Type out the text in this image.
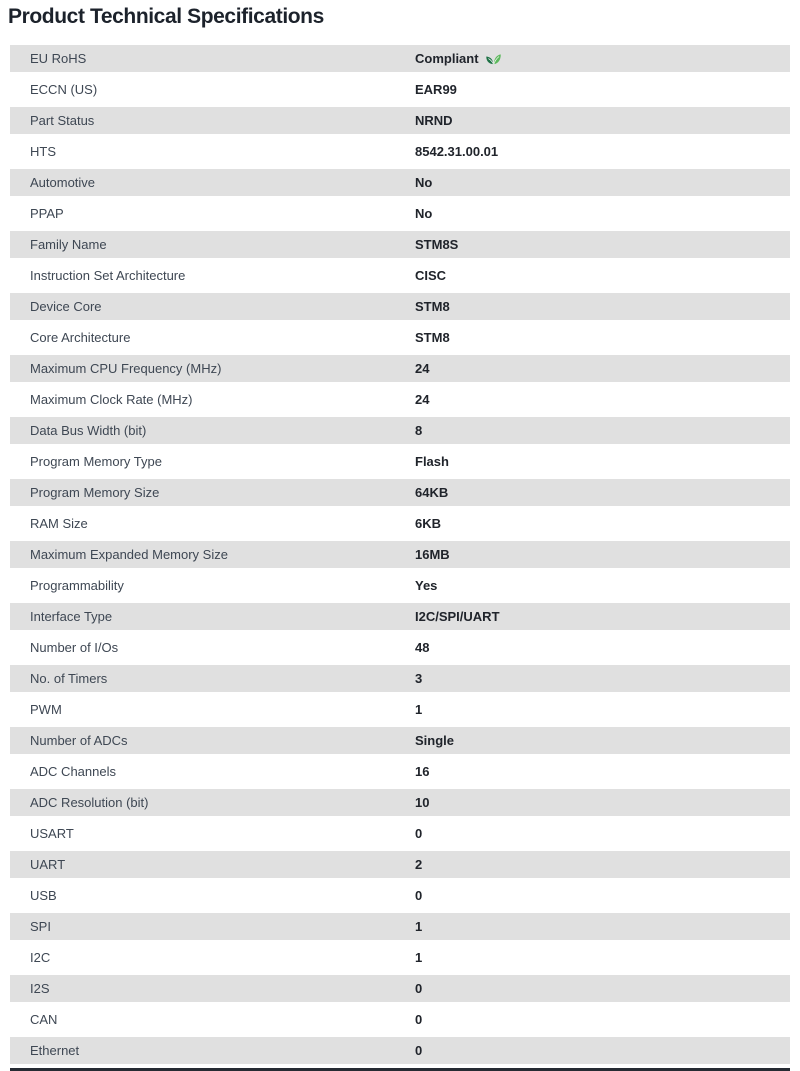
Product Technical Specifications
EU RoHS	Compliant
ECCN (US)	EAR99
Part Status	NRND
HTS	8542.31.00.01
Automotive	No
PPAP	No
Family Name	STM8S
Instruction Set Architecture	CISC
Device Core	STM8
Core Architecture	STM8
Maximum CPU Frequency (MHz)	24
Maximum Clock Rate (MHz)	24
Data Bus Width (bit)	8
Program Memory Type	Flash
Program Memory Size	64KB
RAM Size	6KB
Maximum Expanded Memory Size	16MB
Programmability	Yes
Interface Type	I2C/SPI/UART
Number of I/Os	48
No. of Timers	3
PWM	1
Number of ADCs	Single
ADC Channels	16
ADC Resolution (bit)	10
USART	0
UART	2
USB	0
SPI	1
I2C	1
I2S	0
CAN	0
Ethernet	0
